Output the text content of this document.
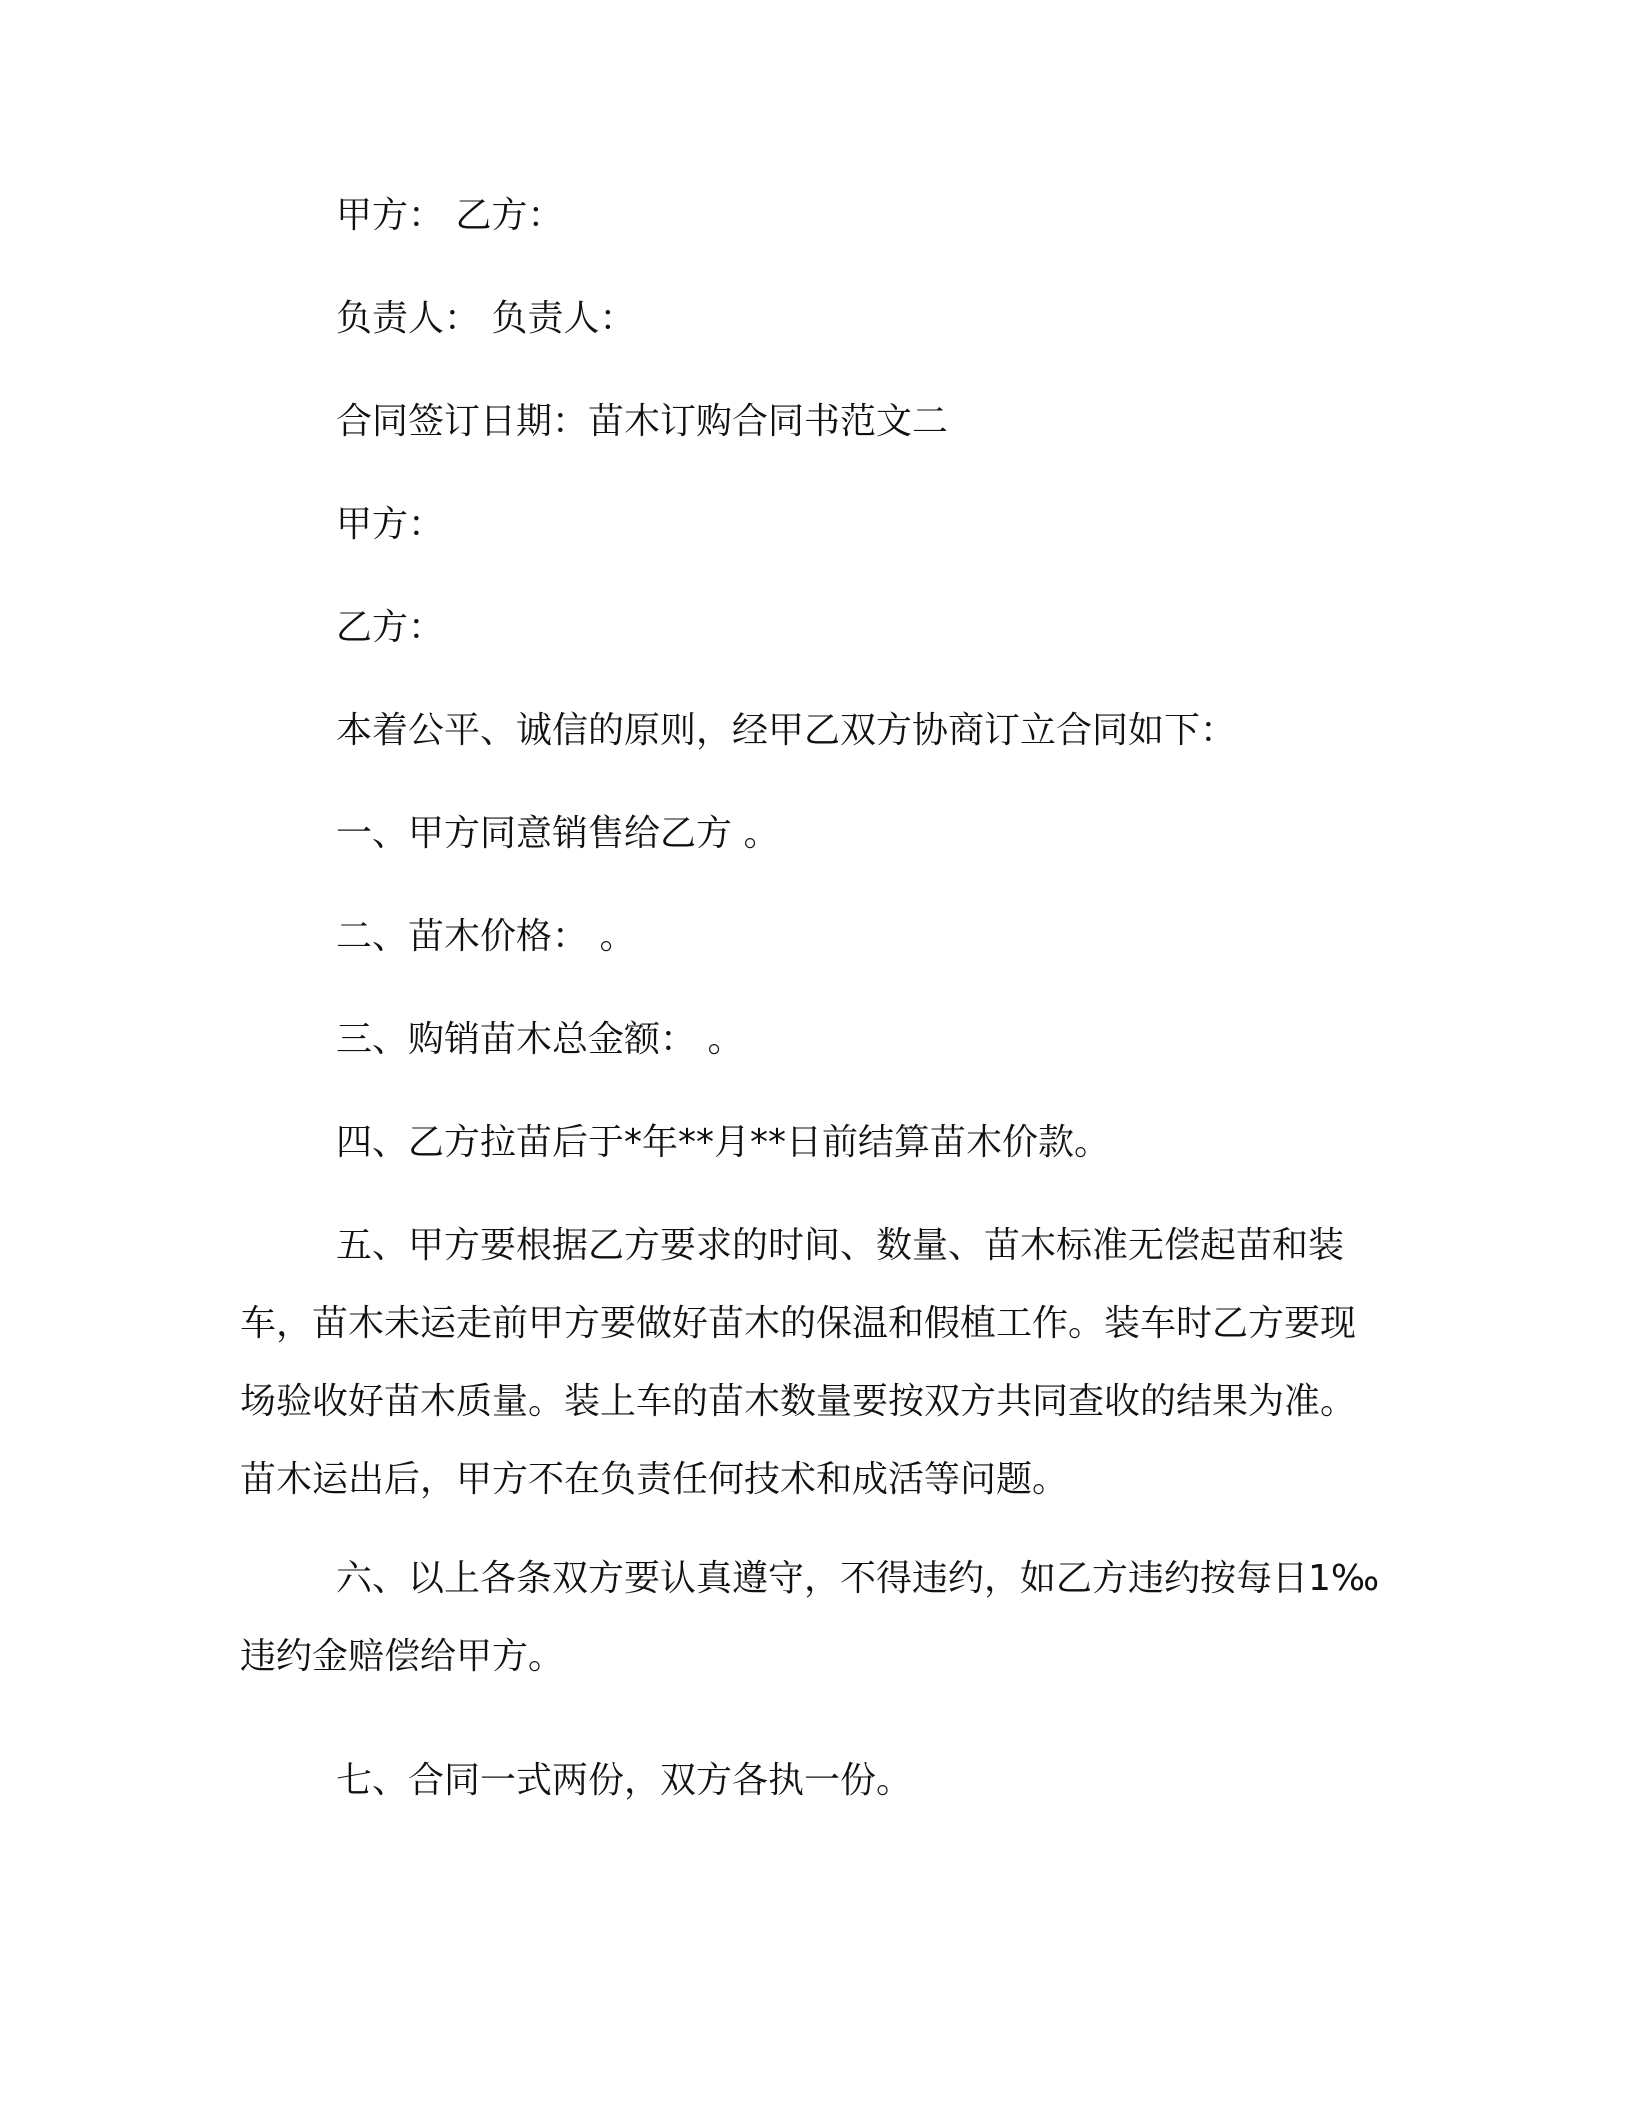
甲方： 乙方：
负责人： 负责人：
合同签订日期：苗木订购合同书范文二
甲方：
乙方：
本着公平、诚信的原则，经甲乙双方协商订立合同如下：
一、甲方同意销售给乙方 。
二、苗木价格： 。
三、购销苗木总金额： 。
四、乙方拉苗后于*年**月**日前结算苗木价款。

五、甲方要根据乙方要求的时间、数量、苗木标准无偿起苗和装车，苗木未运走前甲方要做好苗木的保温和假植工作。装车时乙方要现场验收好苗木质量。装上车的苗木数量要按双方共同查收的结果为准。苗木运出后，甲方不在负责任何技术和成活等问题。

六、以上各条双方要认真遵守，不得违约，如乙方违约按每日1‰违约金赔偿给甲方。

七、合同一式两份，双方各执一份。
